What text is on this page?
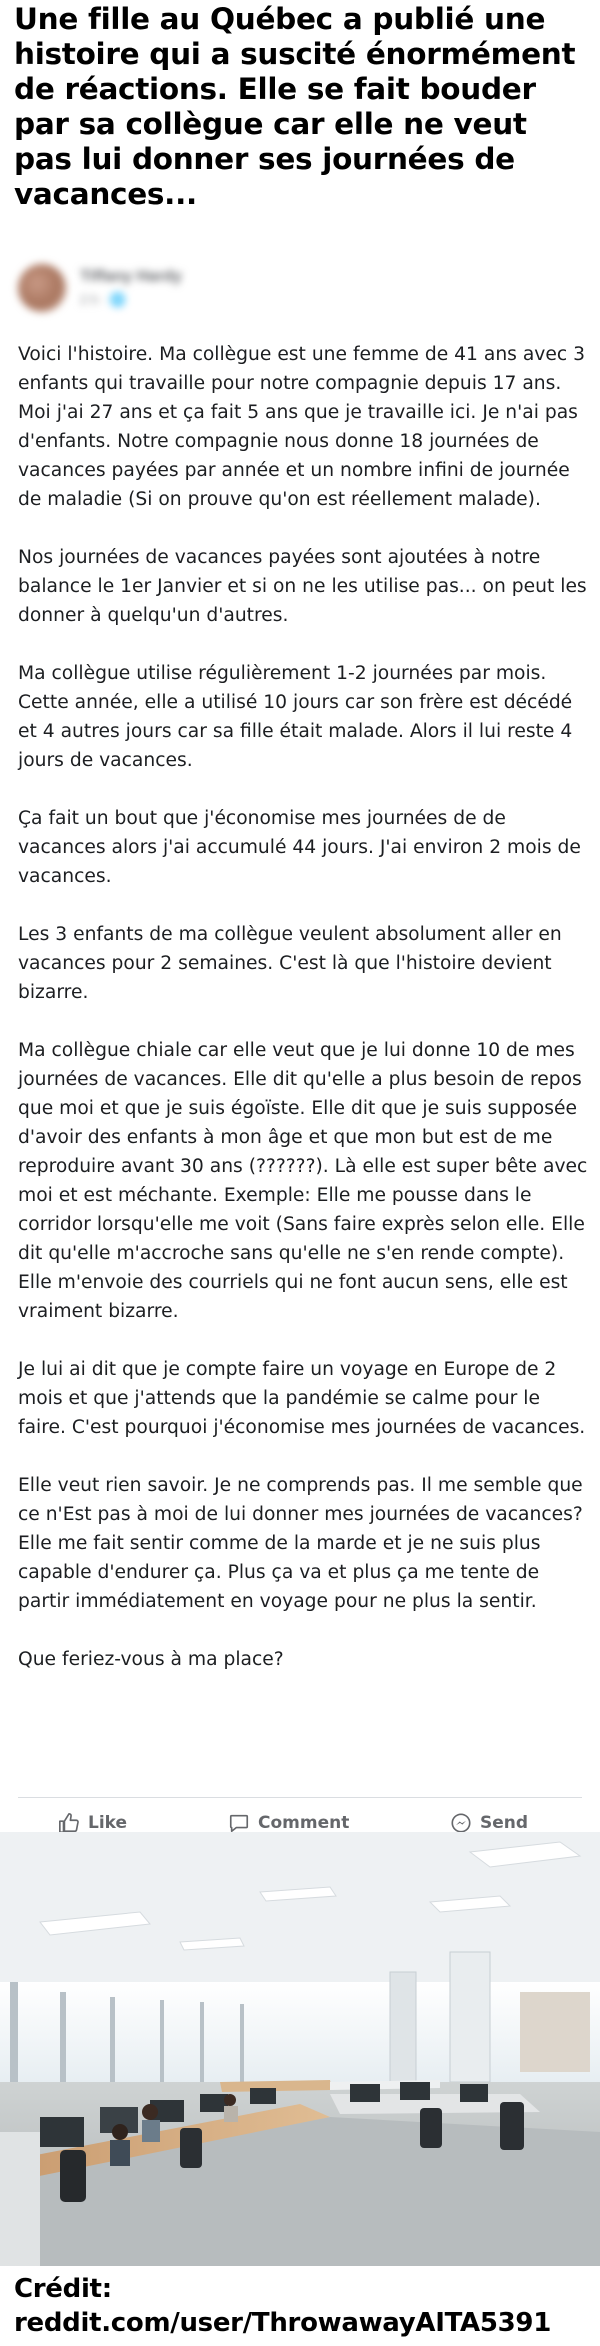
Une fille au Québec a publié une histoire qui a suscité énormément de réactions. Elle se fait bouder par sa collègue car elle ne veut pas lui donner ses journées de vacances...
Tiffany Hardy
2 h · 🌐

Voici l'histoire. Ma collègue est une femme de 41 ans avec 3 enfants qui travaille pour notre compagnie depuis 17 ans. Moi j'ai 27 ans et ça fait 5 ans que je travaille ici. Je n'ai pas d'enfants. Notre compagnie nous donne 18 journées de vacances payées par année et un nombre infini de journée de maladie (Si on prouve qu'on est réellement malade).

Nos journées de vacances payées sont ajoutées à notre balance le 1er Janvier et si on ne les utilise pas... on peut les donner à quelqu'un d'autres.

Ma collègue utilise régulièrement 1-2 journées par mois. Cette année, elle a utilisé 10 jours car son frère est décédé et 4 autres jours car sa fille était malade. Alors il lui reste 4 jours de vacances.

Ça fait un bout que j'économise mes journées de de vacances alors j'ai accumulé 44 jours. J'ai environ 2 mois de vacances.

Les 3 enfants de ma collègue veulent absolument aller en vacances pour 2 semaines. C'est là que l'histoire devient bizarre.

Ma collègue chiale car elle veut que je lui donne 10 de mes journées de vacances. Elle dit qu'elle a plus besoin de repos que moi et que je suis égoïste. Elle dit que je suis supposée d'avoir des enfants à mon âge et que mon but est de me reproduire avant 30 ans (??????). Là elle est super bête avec moi et est méchante. Exemple: Elle me pousse dans le corridor lorsqu'elle me voit (Sans faire exprès selon elle. Elle dit qu'elle m'accroche sans qu'elle ne s'en rende compte). Elle m'envoie des courriels qui ne font aucun sens, elle est vraiment bizarre.

Je lui ai dit que je compte faire un voyage en Europe de 2 mois et que j'attends que la pandémie se calme pour le faire. C'est pourquoi j'économise mes journées de vacances.

Elle veut rien savoir. Je ne comprends pas. Il me semble que ce n'Est pas à moi de lui donner mes journées de vacances? Elle me fait sentir comme de la marde et je ne suis plus capable d'endurer ça. Plus ça va et plus ça me tente de partir immédiatement en voyage pour ne plus la sentir.

Que feriez-vous à ma place?

Like	Comment	Send
Crédit:
reddit.com/user/ThrowawayAITA5391
